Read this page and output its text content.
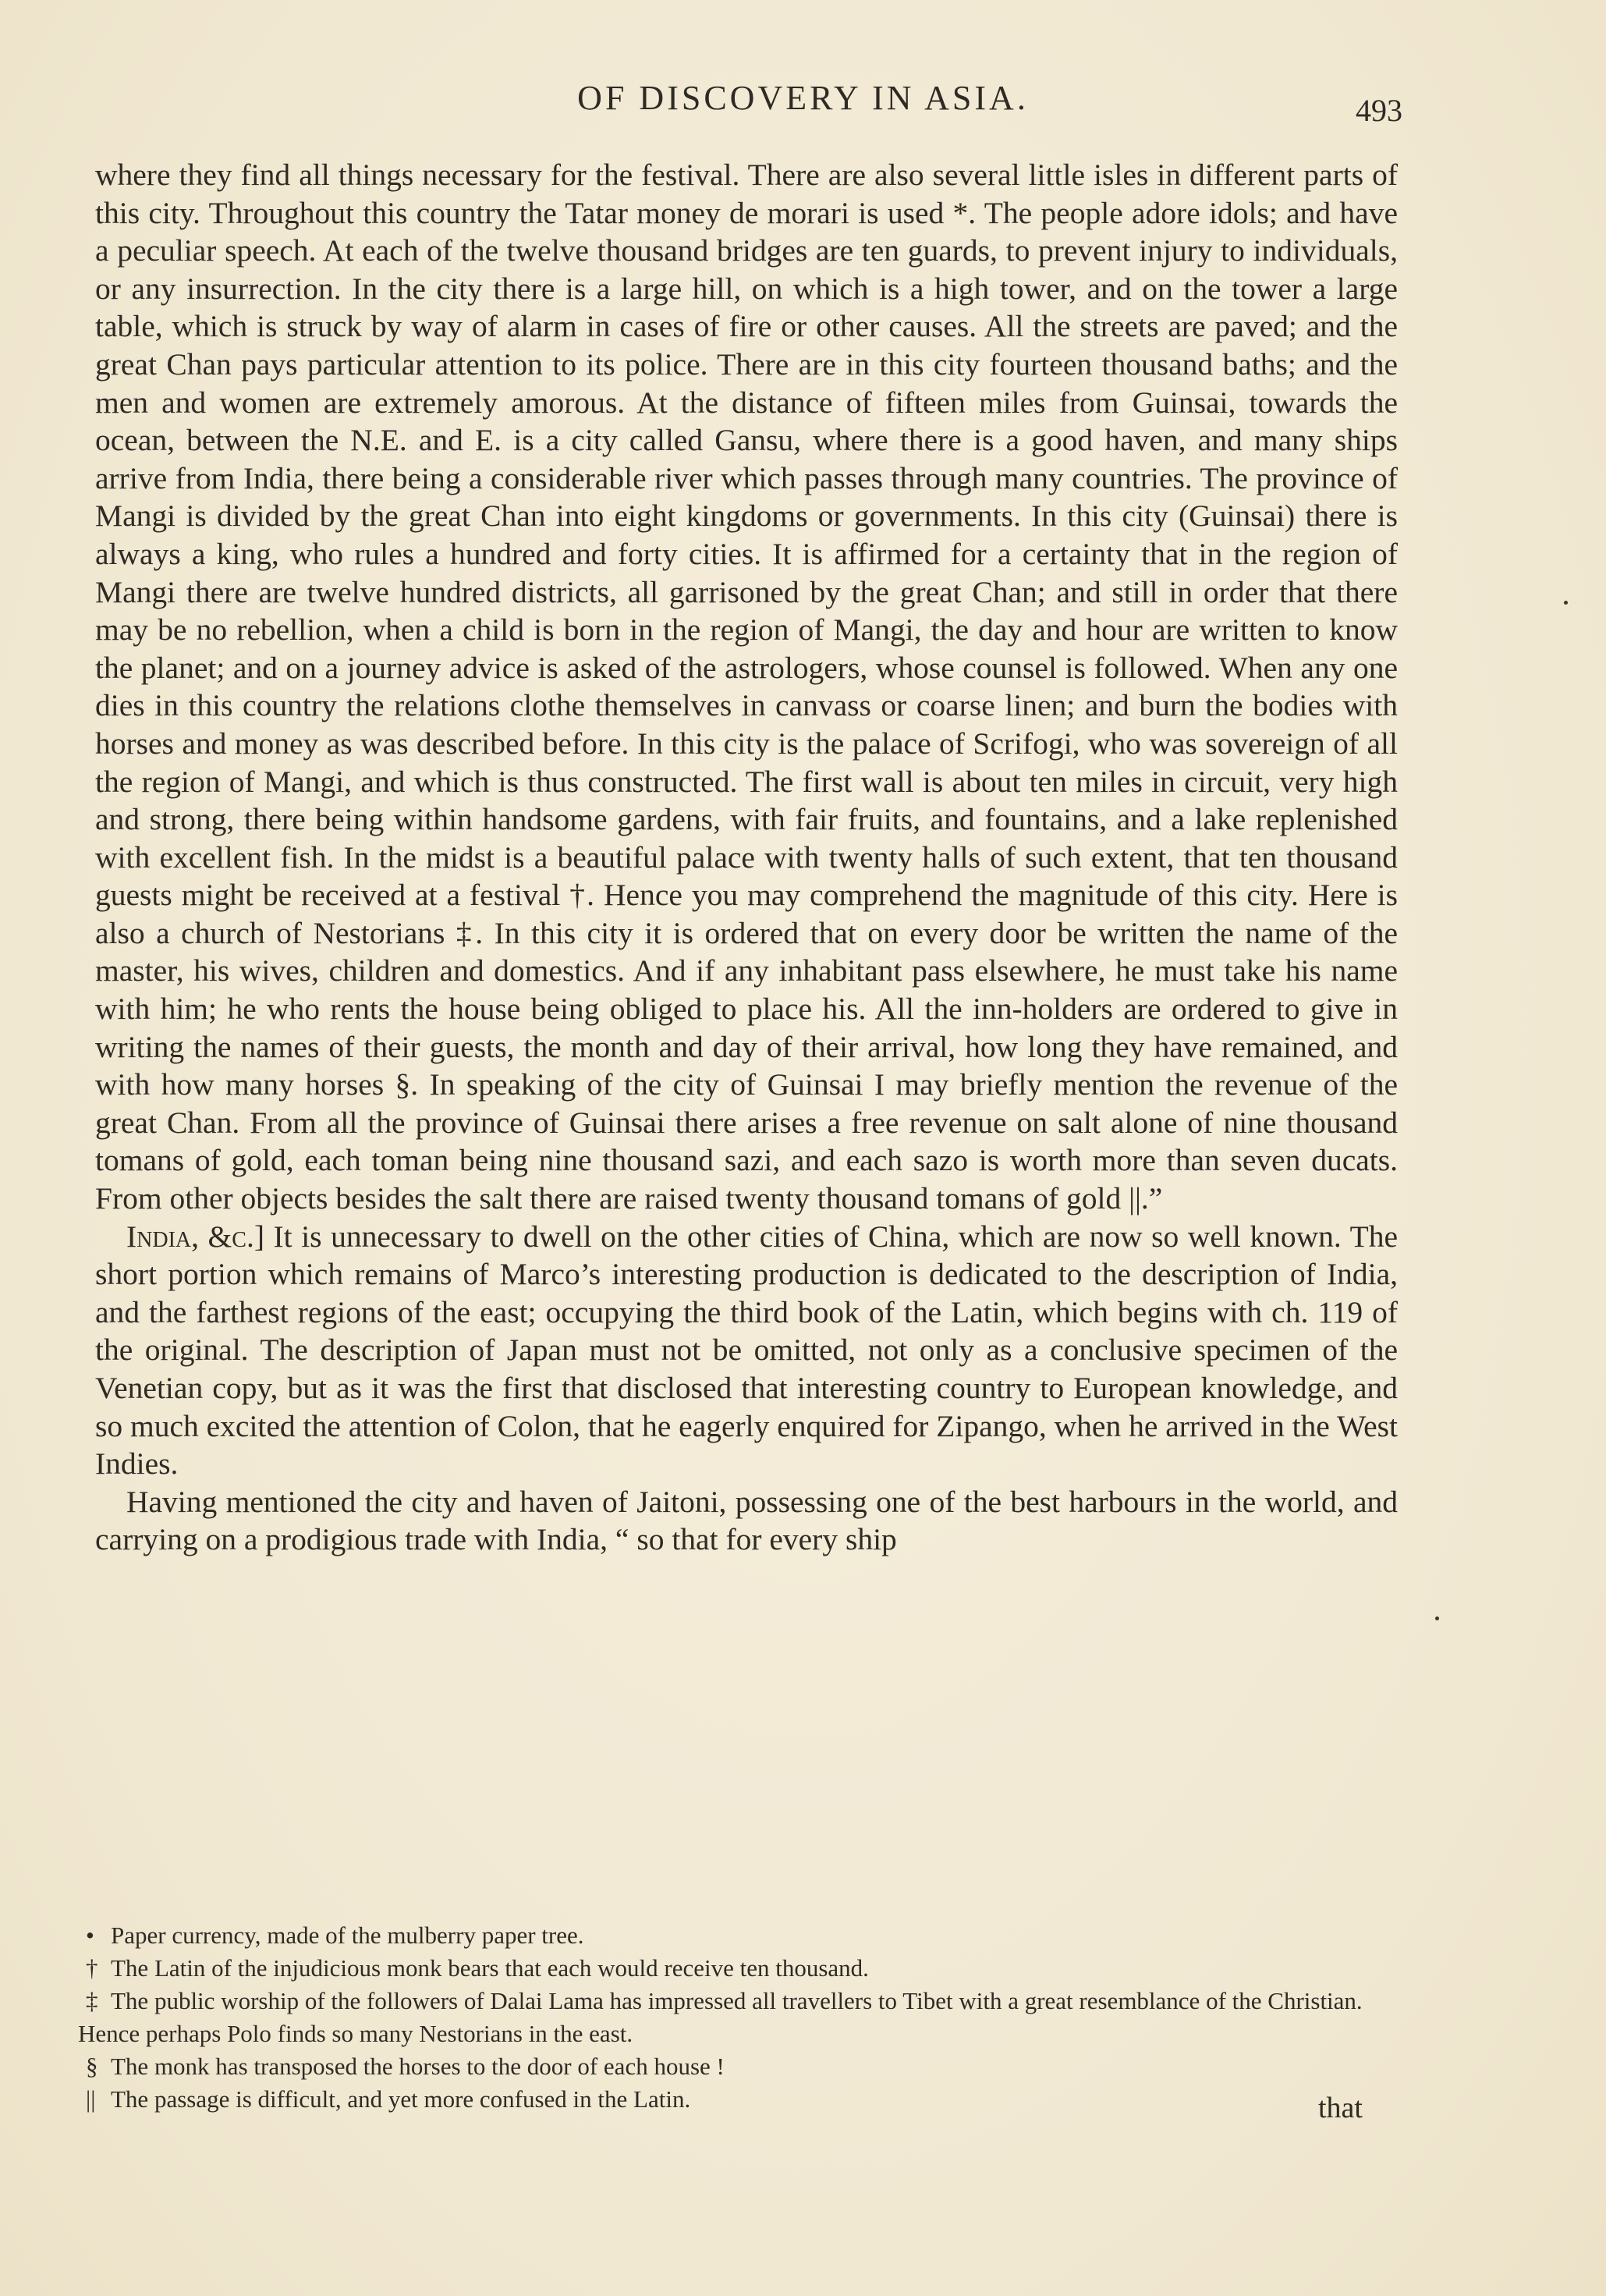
OF DISCOVERY IN ASIA.	493

where they find all things necessary for the festival. There are also several little isles in different parts of this city. Throughout this country the Tatar money de morari is used *. The people adore idols; and have a peculiar speech. At each of the twelve thousand bridges are ten guards, to prevent injury to individuals, or any insurrection. In the city there is a large hill, on which is a high tower, and on the tower a large table, which is struck by way of alarm in cases of fire or other causes. All the streets are paved; and the great Chan pays particular attention to its police. There are in this city fourteen thousand baths; and the men and women are extremely amorous. At the distance of fifteen miles from Guinsai, towards the ocean, between the N.E. and E. is a city called Gansu, where there is a good haven, and many ships arrive from India, there being a considerable river which passes through many countries. The province of Mangi is divided by the great Chan into eight kingdoms or governments. In this city (Guinsai) there is always a king, who rules a hundred and forty cities. It is affirmed for a certainty that in the region of Mangi there are twelve hundred districts, all garrisoned by the great Chan; and still in order that there may be no rebellion, when a child is born in the region of Mangi, the day and hour are written to know the planet; and on a journey advice is asked of the astrologers, whose counsel is followed. When any one dies in this country the relations clothe themselves in canvass or coarse linen; and burn the bodies with horses and money as was described before. In this city is the palace of Scrifogi, who was sovereign of all the region of Mangi, and which is thus constructed. The first wall is about ten miles in circuit, very high and strong, there being within handsome gardens, with fair fruits, and fountains, and a lake replenished with excellent fish. In the midst is a beautiful palace with twenty halls of such extent, that ten thousand guests might be received at a festival †. Hence you may comprehend the magnitude of this city. Here is also a church of Nestorians ‡. In this city it is ordered that on every door be written the name of the master, his wives, children and domestics. And if any inhabitant pass elsewhere, he must take his name with him; he who rents the house being obliged to place his. All the inn-holders are ordered to give in writing the names of their guests, the month and day of their arrival, how long they have remained, and with how many horses §. In speaking of the city of Guinsai I may briefly mention the revenue of the great Chan. From all the province of Guinsai there arises a free revenue on salt alone of nine thousand tomans of gold, each toman being nine thousand sazi, and each sazo is worth more than seven ducats. From other objects besides the salt there are raised twenty thousand tomans of gold ||.”

India, &c.] It is unnecessary to dwell on the other cities of China, which are now so well known. The short portion which remains of Marco’s interesting production is dedicated to the description of India, and the farthest regions of the east; occupying the third book of the Latin, which begins with ch. 119 of the original. The description of Japan must not be omitted, not only as a conclusive specimen of the Venetian copy, but as it was the first that disclosed that interesting country to European knowledge, and so much excited the attention of Colon, that he eagerly enquired for Zipango, when he arrived in the West Indies.

Having mentioned the city and haven of Jaitoni, possessing one of the best harbours in the world, and carrying on a prodigious trade with India, “ so that for every ship

• Paper currency, made of the mulberry paper tree.

† The Latin of the injudicious monk bears that each would receive ten thousand.

‡ The public worship of the followers of Dalai Lama has impressed all travellers to Tibet with a great resemblance of the Christian. Hence perhaps Polo finds so many Nestorians in the east.

§ The monk has transposed the horses to the door of each house !

|| The passage is difficult, and yet more confused in the Latin.	that
